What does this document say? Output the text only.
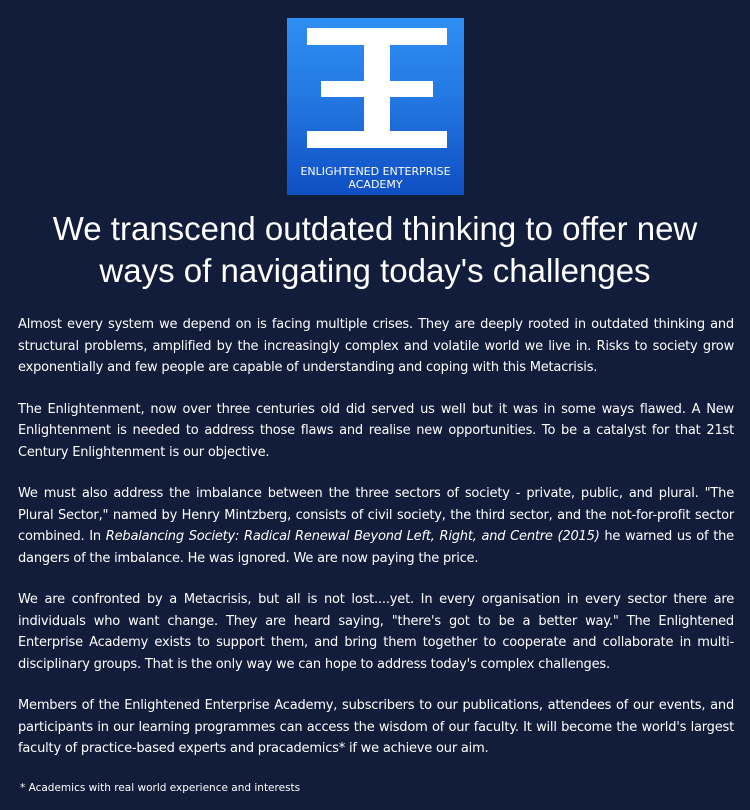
ENLIGHTENED ENTERPRISE
ACADEMY
We transcend outdated thinking to offer new
ways of navigating today's challenges

Almost every system we depend on is facing multiple crises. They are deeply rooted in outdated thinking and structural problems, amplified by the increasingly complex and volatile world we live in. Risks to society grow exponentially and few people are capable of understanding and coping with this Metacrisis.

The Enlightenment, now over three centuries old did served us well but it was in some ways flawed. A New Enlightenment is needed to address those flaws and realise new opportunities. To be a catalyst for that 21st Century Enlightenment is our objective.

We must also address the imbalance between the three sectors of society - private, public, and plural. "The Plural Sector," named by Henry Mintzberg, consists of civil society, the third sector, and the not-for-profit sector combined. In Rebalancing Society: Radical Renewal Beyond Left, Right, and Centre (2015) he warned us of the dangers of the imbalance. He was ignored. We are now paying the price.

We are confronted by a Metacrisis, but all is not lost....yet. In every organisation in every sector there are individuals who want change. They are heard saying, "there's got to be a better way." The Enlightened Enterprise Academy exists to support them, and bring them together to cooperate and collaborate in multi-disciplinary groups. That is the only way we can hope to address today's complex challenges.

Members of the Enlightened Enterprise Academy, subscribers to our publications, attendees of our events, and participants in our learning programmes can access the wisdom of our faculty. It will become the world's largest faculty of practice-based experts and pracademics* if we achieve our aim.

* Academics with real world experience and interests
